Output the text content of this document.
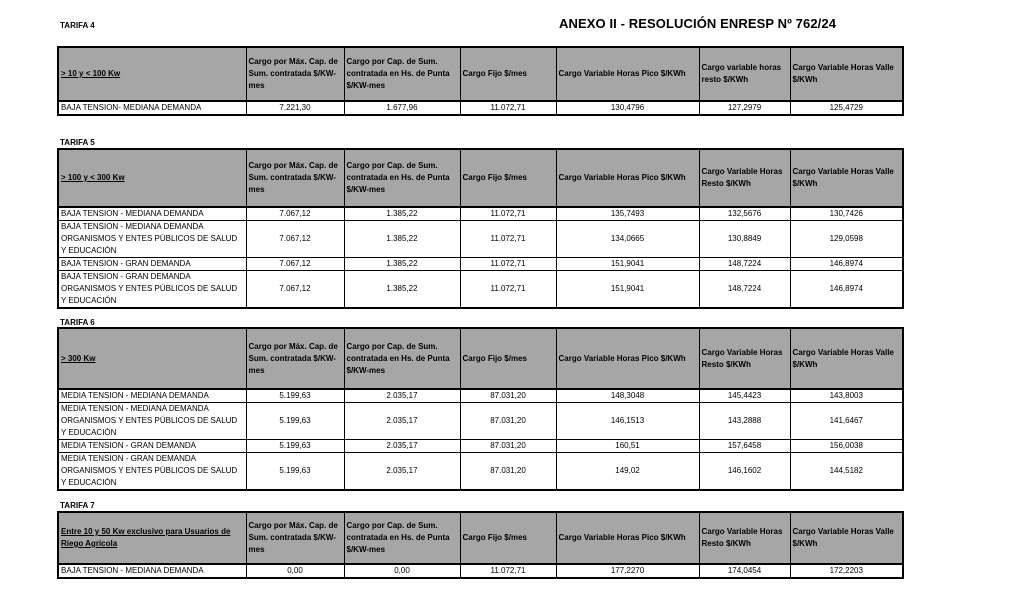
ANEXO II - RESOLUCIÓN ENRESP Nº 762/24
TARIFA 4
> 10 y < 100 Kw	Cargo por Máx. Cap. de Sum. contratada $/KW-mes	Cargo por Cap. de Sum. contratada en Hs. de Punta $/KW-mes	Cargo Fijo $/mes	Cargo Variable Horas Pico $/KWh	Cargo variable horas resto $/KWh	Cargo Variable Horas Valle $/KWh
BAJA TENSION- MEDIANA DEMANDA	7.221,30	1.677,96	11.072,71	130,4796	127,2979	125,4729
TARIFA 5
> 100 y < 300 Kw	Cargo por Máx. Cap. de Sum. contratada $/KW-mes	Cargo por Cap. de Sum. contratada en Hs. de Punta $/KW-mes	Cargo Fijo $/mes	Cargo Variable Horas Pico $/KWh	Cargo Variable Horas Resto $/KWh	Cargo Variable Horas Valle $/KWh
BAJA TENSION - MEDIANA DEMANDA	7.067,12	1.385,22	11.072,71	135,7493	132,5676	130,7426
BAJA TENSION - MEDIANA DEMANDA ORGANISMOS Y ENTES PÚBLICOS DE SALUD Y EDUCACIÓN	7.067,12	1.385,22	11.072,71	134,0665	130,8849	129,0598
BAJA TENSION - GRAN DEMANDA	7.067,12	1.385,22	11.072,71	151,9041	148,7224	146,8974
BAJA TENSION - GRAN DEMANDA ORGANISMOS Y ENTES PÚBLICOS DE SALUD Y EDUCACIÓN	7.067,12	1.385,22	11.072,71	151,9041	148,7224	146,8974
TARIFA 6
> 300 Kw	Cargo por Máx. Cap. de Sum. contratada $/KW-mes	Cargo por Cap. de Sum. contratada en Hs. de Punta $/KW-mes	Cargo Fijo $/mes	Cargo Variable Horas Pico $/KWh	Cargo Variable Horas Resto $/KWh	Cargo Variable Horas Valle $/KWh
MEDIA TENSION - MEDIANA DEMANDA	5.199,63	2.035,17	87.031,20	148,3048	145,4423	143,8003
MEDIA TENSION - MEDIANA DEMANDA ORGANISMOS Y ENTES PÚBLICOS DE SALUD Y EDUCACIÓN	5.199,63	2.035,17	87.031,20	146,1513	143,2888	141,6467
MEDIA TENSION - GRAN DEMANDA	5.199,63	2.035,17	87.031,20	160,51	157,6458	156,0038
MEDIA TENSION - GRAN DEMANDA ORGANISMOS Y ENTES PÚBLICOS DE SALUD Y EDUCACIÓN	5.199,63	2.035,17	87.031,20	149,02	146,1602	144,5182
TARIFA 7
Entre 10 y 50 Kw exclusivo para Usuarios de Riego Agrícola	Cargo por Máx. Cap. de Sum. contratada $/KW-mes	Cargo por Cap. de Sum. contratada en Hs. de Punta $/KW-mes	Cargo Fijo $/mes	Cargo Variable Horas Pico $/KWh	Cargo Variable Horas Resto $/KWh	Cargo Variable Horas Valle $/KWh
BAJA TENSION - MEDIANA DEMANDA	0,00	0,00	11.072,71	177,2270	174,0454	172,2203
